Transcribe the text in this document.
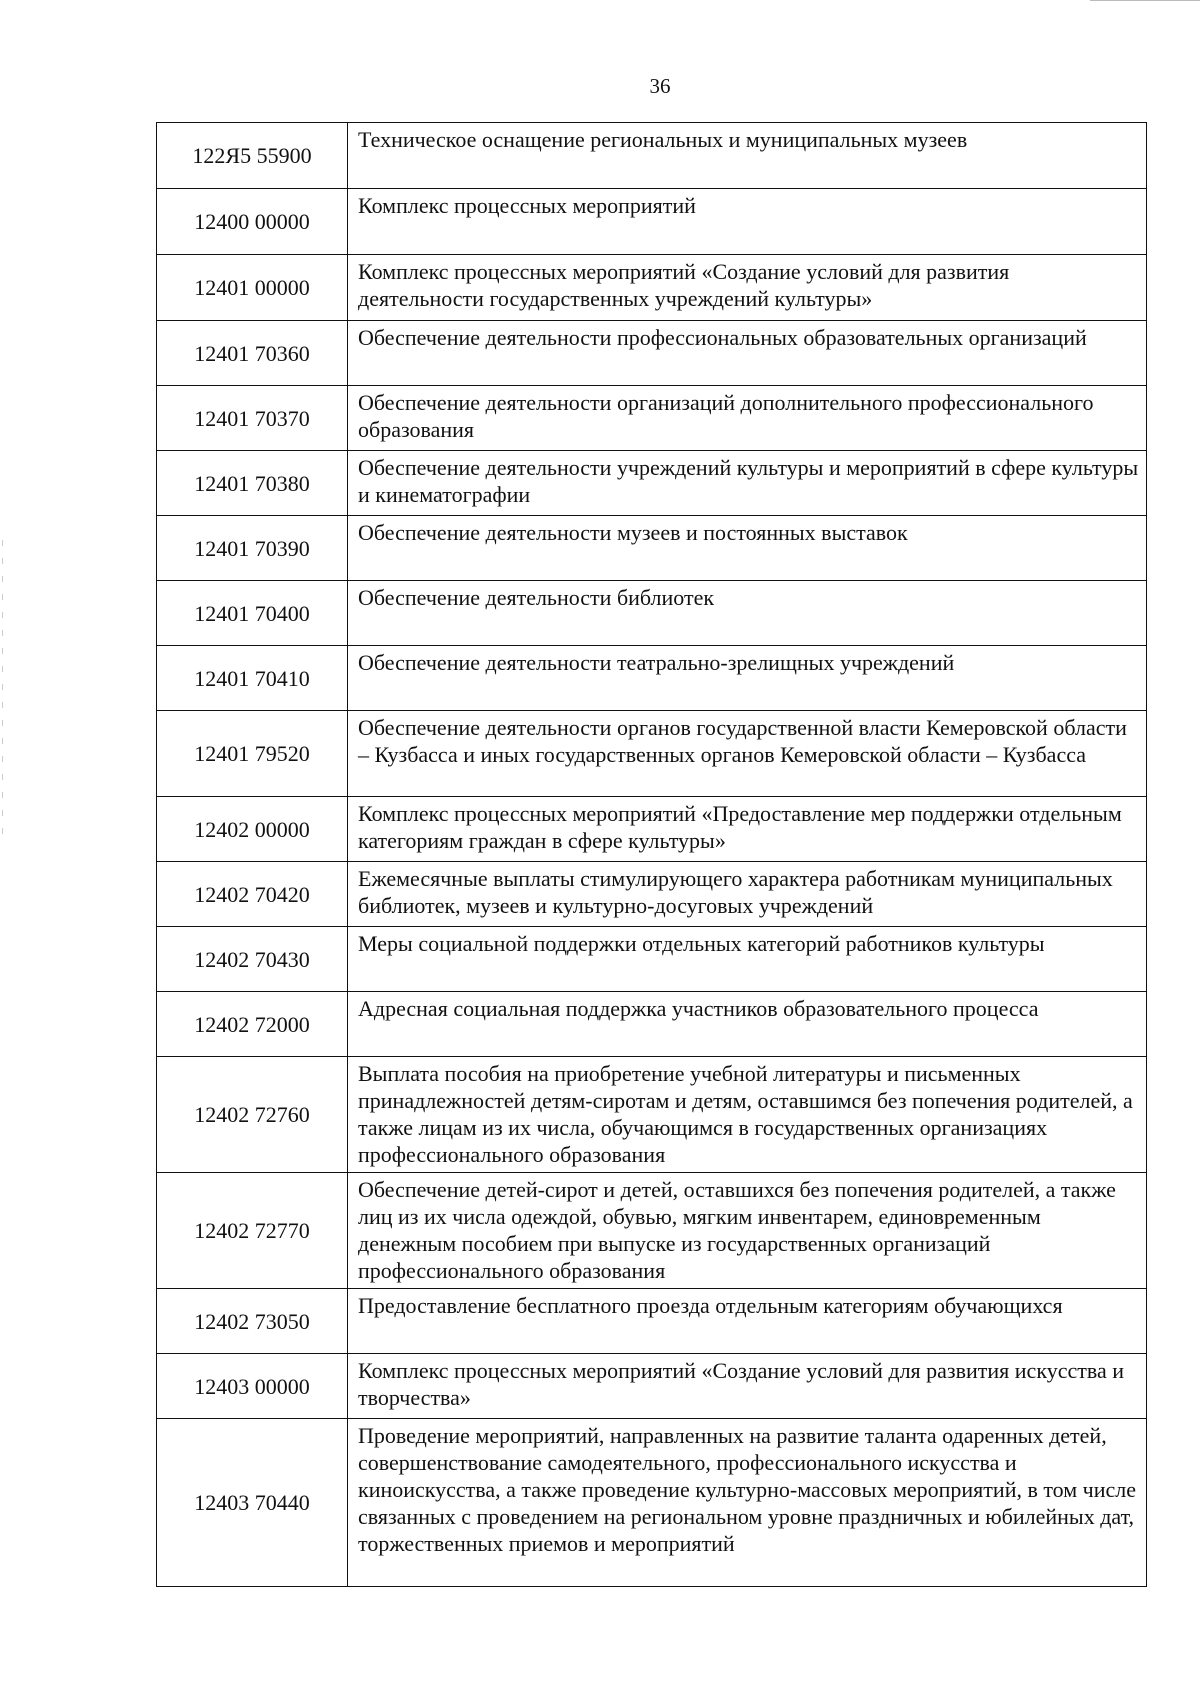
36
122Я5 55900	Техническое оснащение региональных и муниципальных музеев
12400 00000	Комплекс процессных мероприятий
12401 00000	Комплекс процессных мероприятий «Создание условий для развития деятельности государственных учреждений культуры»
12401 70360	Обеспечение деятельности профессиональных образовательных организаций
12401 70370	Обеспечение деятельности организаций дополнительного профессионального образования
12401 70380	Обеспечение деятельности учреждений культуры и мероприятий в сфере культуры и кинематографии
12401 70390	Обеспечение деятельности музеев и постоянных выставок
12401 70400	Обеспечение деятельности библиотек
12401 70410	Обеспечение деятельности театрально-зрелищных учреждений
12401 79520	Обеспечение деятельности органов государственной власти Кемеровской области – Кузбасса и иных государственных органов Кемеровской области – Кузбасса
12402 00000	Комплекс процессных мероприятий «Предоставление мер поддержки отдельным категориям граждан в сфере культуры»
12402 70420	Ежемесячные выплаты стимулирующего характера работникам муниципальных библиотек, музеев и культурно-досуговых учреждений
12402 70430	Меры социальной поддержки отдельных категорий работников культуры
12402 72000	Адресная социальная поддержка участников образовательного процесса
12402 72760	Выплата пособия на приобретение учебной литературы и письменных принадлежностей детям-сиротам и детям, оставшимся без попечения родителей, а также лицам из их числа, обучающимся в государственных организациях профессионального образования
12402 72770	Обеспечение детей-сирот и детей, оставшихся без попечения родителей, а также лиц из их числа одеждой, обувью, мягким инвентарем, единовременным денежным пособием при выпуске из государственных организаций профессионального образования
12402 73050	Предоставление бесплатного проезда отдельным категориям обучающихся
12403 00000	Комплекс процессных мероприятий «Создание условий для развития искусства и творчества»
12403 70440	Проведение мероприятий, направленных на развитие таланта одаренных детей, совершенствование самодеятельного, профессионального искусства и киноискусства, а также проведение культурно-массовых мероприятий, в том числе связанных с проведением на региональном уровне праздничных и юбилейных дат, торжественных приемов и мероприятий
